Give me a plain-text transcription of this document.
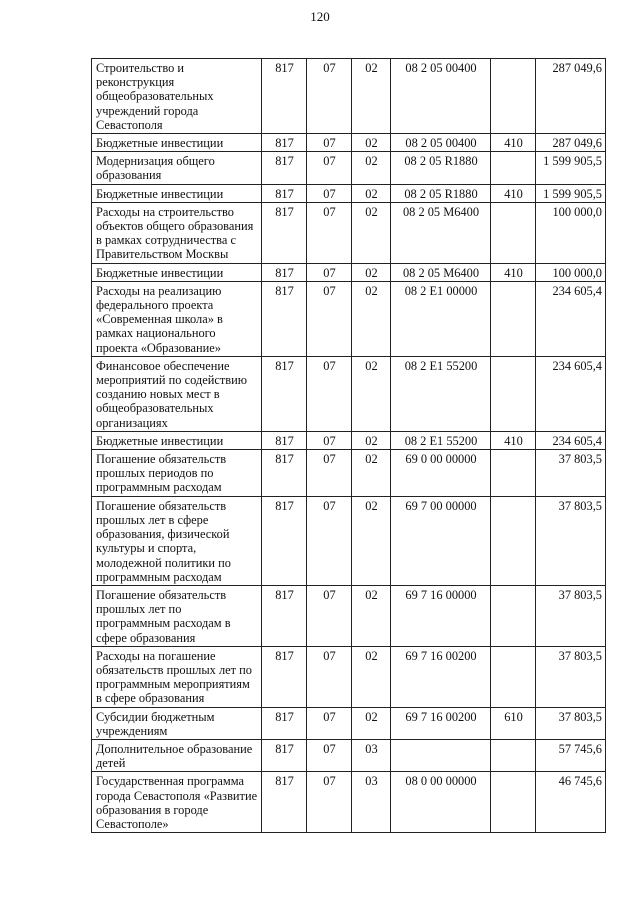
120
Строительство и реконструкция общеобразовательных учреждений города Севастополя	817	07	02	08 2 05 00400		287 049,6
Бюджетные инвестиции	817	07	02	08 2 05 00400	410	287 049,6
Модернизация общего образования	817	07	02	08 2 05 R1880		1 599 905,5
Бюджетные инвестиции	817	07	02	08 2 05 R1880	410	1 599 905,5
Расходы на строительство объектов общего образования в рамках сотрудничества с Правительством Москвы	817	07	02	08 2 05 M6400		100 000,0
Бюджетные инвестиции	817	07	02	08 2 05 M6400	410	100 000,0
Расходы на реализацию федерального проекта «Современная школа» в рамках национального проекта «Образование»	817	07	02	08 2 E1 00000		234 605,4
Финансовое обеспечение мероприятий по содействию созданию новых мест в общеобразовательных организациях	817	07	02	08 2 E1 55200		234 605,4
Бюджетные инвестиции	817	07	02	08 2 E1 55200	410	234 605,4
Погашение обязательств прошлых периодов по программным расходам	817	07	02	69 0 00 00000		37 803,5
Погашение обязательств прошлых лет в сфере образования, физической культуры и спорта, молодежной политики по программным расходам	817	07	02	69 7 00 00000		37 803,5
Погашение обязательств прошлых лет по программным расходам в сфере образования	817	07	02	69 7 16 00000		37 803,5
Расходы на погашение обязательств прошлых лет по программным мероприятиям в сфере образования	817	07	02	69 7 16 00200		37 803,5
Субсидии бюджетным учреждениям	817	07	02	69 7 16 00200	610	37 803,5
Дополнительное образование детей	817	07	03			57 745,6
Государственная программа города Севастополя «Развитие образования в городе Севастополе»	817	07	03	08 0 00 00000		46 745,6
